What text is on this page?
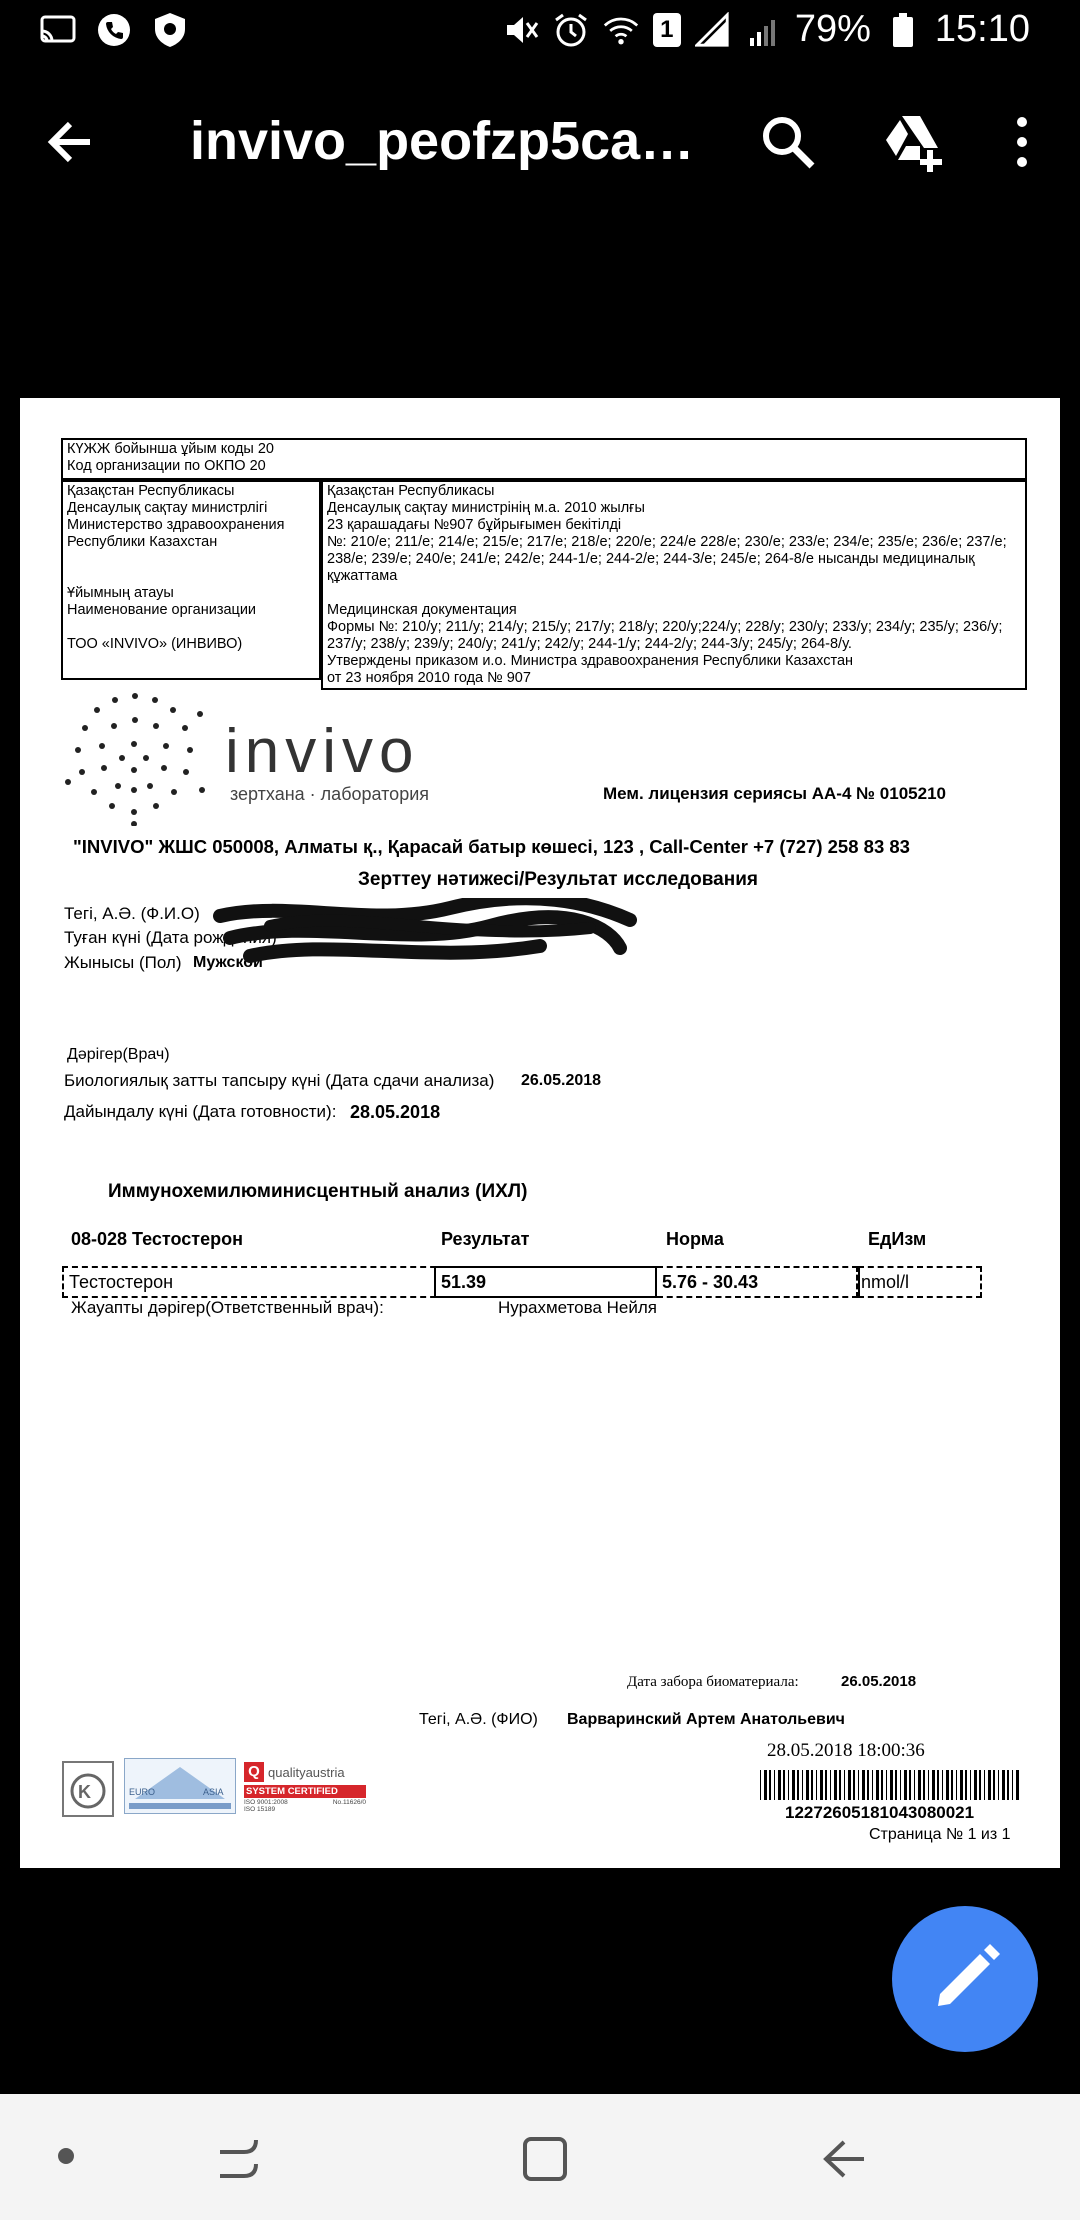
1	79% 15:10
invivo_peofzp5ca…
КҮЖЖ бойынша ұйым коды 20
Код организации по ОКПО 20
Қазақстан Республикасы
Денсаулық сақтау министрлігі
Министерство здравоохранения
Республики Казахстан
Ұйымның атауы
Наименование организации
ТОО «INVIVO» (ИНВИВО)
Қазақстан Республикасы
Денсаулық сақтау министрінің м.а. 2010 жылғы
23 қарашадағы №907 бұйрығымен бекітілді
№: 210/е; 211/е; 214/е; 215/е; 217/е; 218/е; 220/е; 224/е 228/е; 230/е; 233/е; 234/е; 235/е; 236/е; 237/е;
238/е; 239/е; 240/е; 241/е; 242/е; 244-1/е; 244-2/е; 244-3/е; 245/е; 264-8/е нысанды медициналық
құжаттама
Медицинская документация
Формы №: 210/у; 211/у; 214/у; 215/у; 217/у; 218/у; 220/у;224/у; 228/у; 230/у; 233/у; 234/у; 235/у; 236/у;
237/у; 238/у; 239/у; 240/у; 241/у; 242/у; 244-1/у; 244-2/у; 244-3/у; 245/у; 264-8/у.
Утверждены приказом и.о. Министра здравоохранения Республики Казахстан
от 23 ноября 2010 года № 907
invivo
зертхана · лаборатория	Мем. лицензия сериясы АА-4 № 0105210
"INVIVO" ЖШС 050008, Алматы қ., Қарасай батыр көшесі, 123 , Call-Center +7 (727) 258 83 83
Зерттеу нәтижесі/Результат исследования
Тегі, А.Ә. (Ф.И.О)
Туған күні (Дата рождения)
Жынысы (Пол) Мужской
Дәрігер(Врач)
Биологиялық затты тапсыру күні (Дата сдачи анализа) 26.05.2018
Дайындалу күні (Дата готовности): 28.05.2018
Иммунохемилюминисцентный анализ (ИХЛ)
08-028 Тестостерон	Результат	Норма	ЕдИзм
Тестостерон	51.39	5.76 - 30.43	nmol/l
Жауапты дәрігер(Ответственный врач):	Нурахметова Нейля
Дата забора биоматериала:	26.05.2018
Тегі, А.Ә. (ФИО) Варваринский Артем Анатольевич
K	EURO	ASIA
Q qualityaustria
SYSTEM CERTIFIED
ISO 9001:2008	No.11626/0
ISO 15189
28.05.2018 18:00:36
1227260518104308002​1
Страница № 1 из 1
